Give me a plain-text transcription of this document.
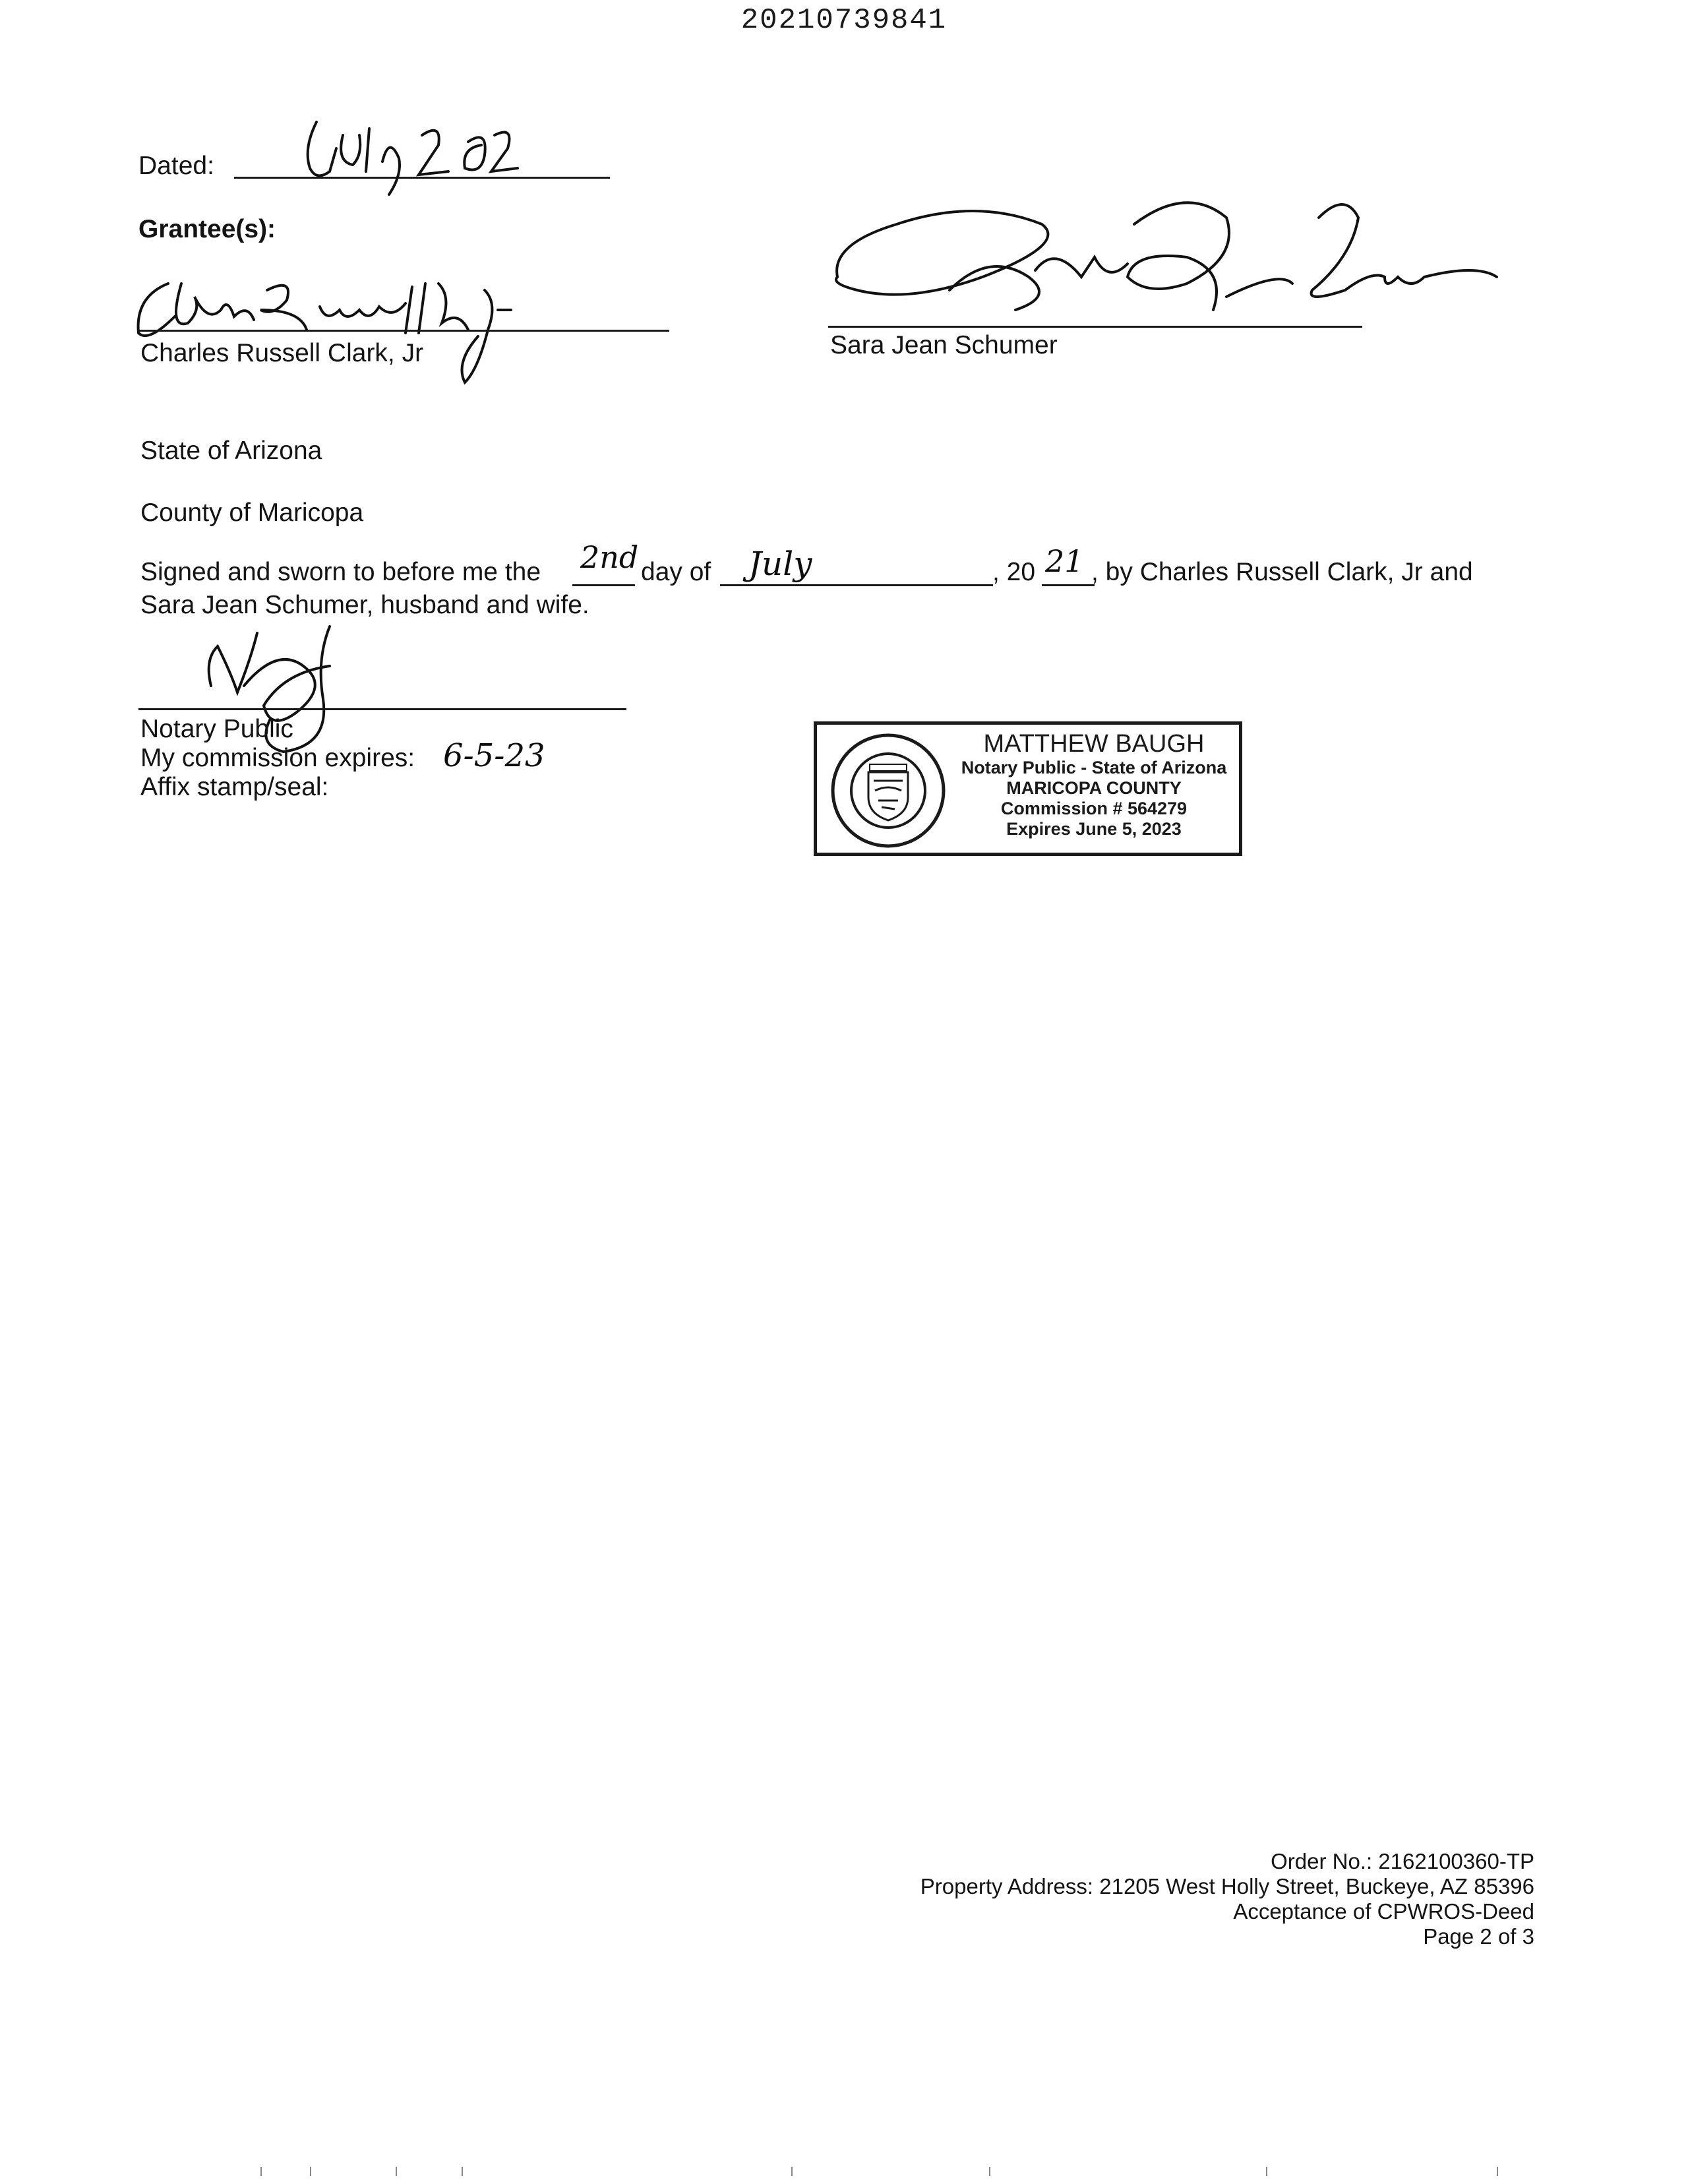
20210739841
Dated:
Grantee(s):
Charles Russell Clark, Jr	Sara Jean Schumer
State of Arizona
County of Maricopa
Signed and sworn to before me the 2nd day of July	, 20 21 , by Charles Russell Clark, Jr and
Sara Jean Schumer, husband and wife.
Notary Public
My commission expires: 6-5-23
Affix stamp/seal:
MATTHEW BAUGH
Notary Public - State of Arizona
MARICOPA COUNTY
Commission # 564279
Expires June 5, 2023
Order No.: 2162100360-TP
Property Address: 21205 West Holly Street, Buckeye, AZ 85396
Acceptance of CPWROS-Deed
Page 2 of 3
